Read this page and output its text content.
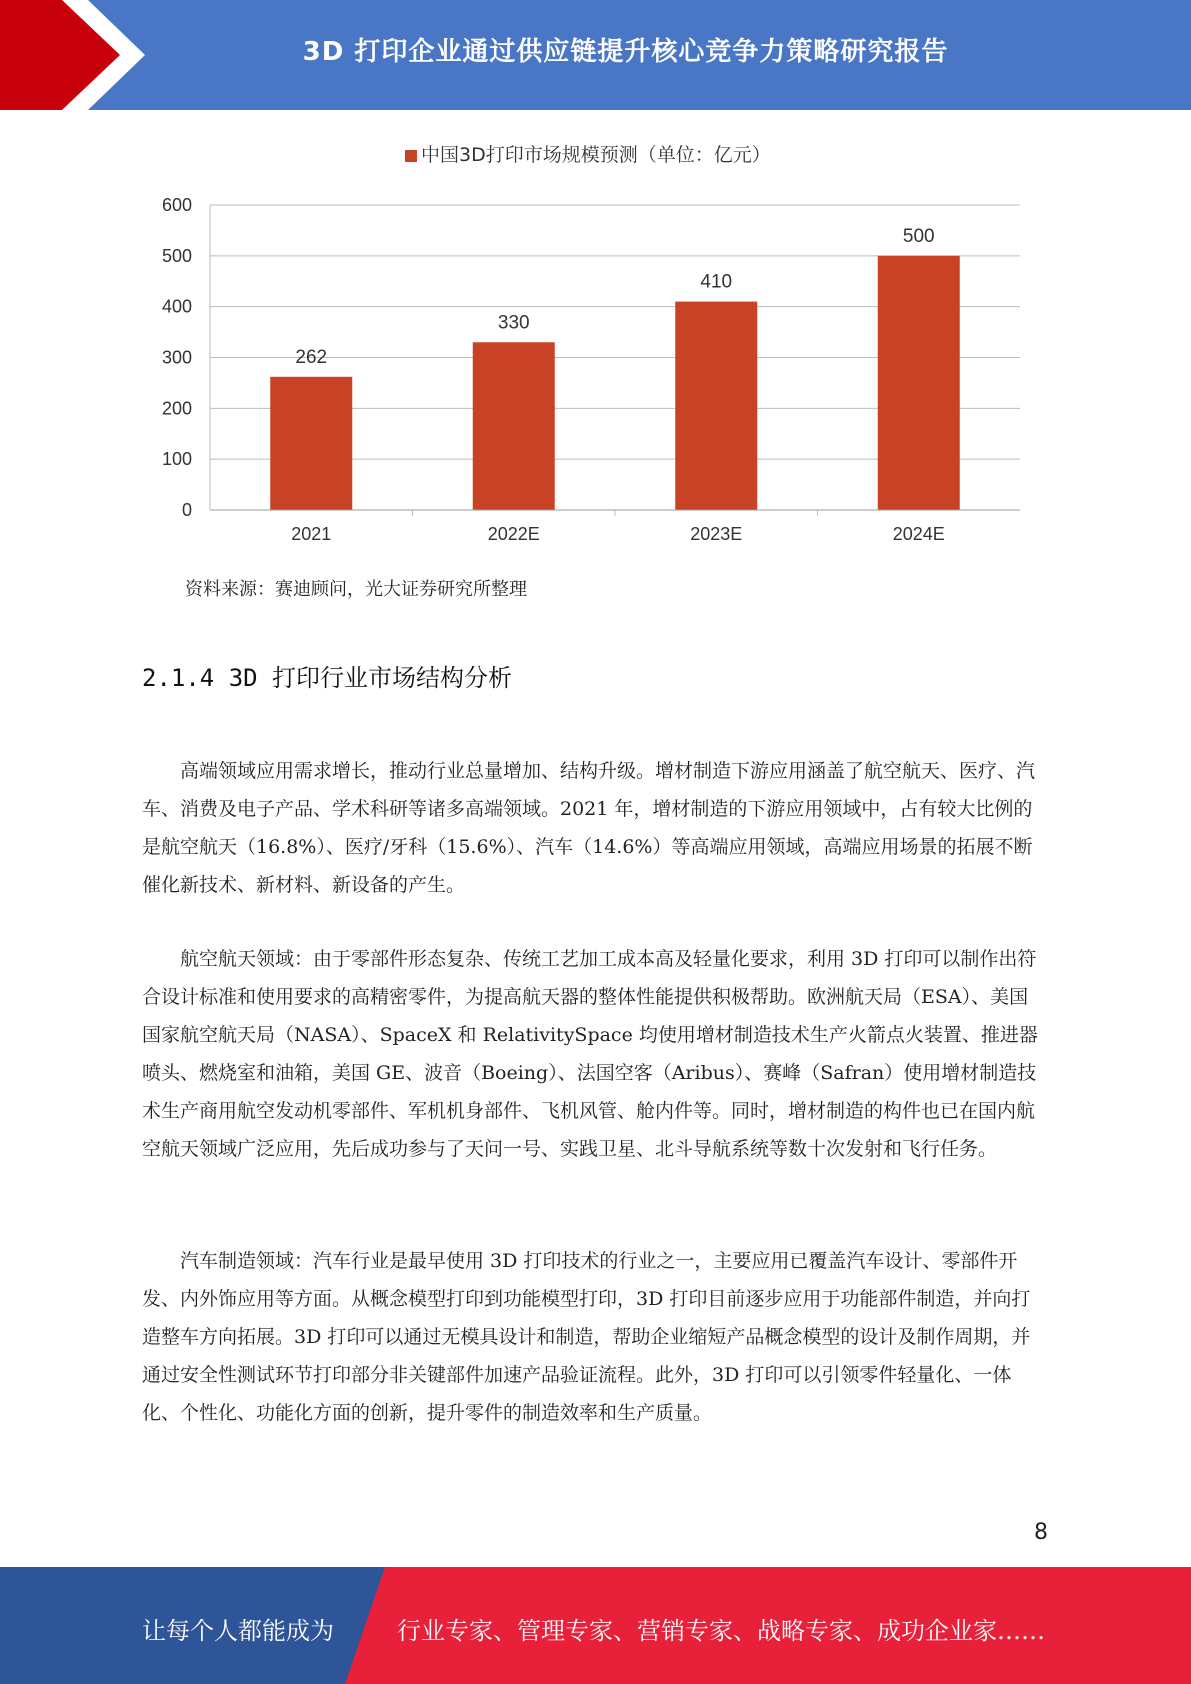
3D 打印企业通过供应链提升核心竞争力策略研究报告
中国3D打印市场规模预测（单位：亿元）
0
100
200
300
400
500
600
262
2021
330
2022E
410
2023E
500
2024E
资料来源：赛迪顾问，光大证券研究所整理
2.1.4 3D 打印行业市场结构分析

高端领域应用需求增长，推动行业总量增加、结构升级。增材制造下游应用涵盖了航空航天、医疗、汽车、消费及电子产品、学术科研等诸多高端领域。2021 年，增材制造的下游应用领域中，占有较大比例的是航空航天（16.8%）、医疗/牙科（15.6%）、汽车（14.6%）等高端应用领域，高端应用场景的拓展不断催化新技术、新材料、新设备的产生。

航空航天领域：由于零部件形态复杂、传统工艺加工成本高及轻量化要求，利用 3D 打印可以制作出符合设计标准和使用要求的高精密零件，为提高航天器的整体性能提供积极帮助。欧洲航天局（ESA）、美国国家航空航天局（NASA）、SpaceX 和 RelativitySpace 均使用增材制造技术生产火箭点火装置、推进器喷头、燃烧室和油箱，美国 GE、波音（Boeing）、法国空客（Aribus）、赛峰（Safran）使用增材制造技术生产商用航空发动机零部件、军机机身部件、飞机风管、舱内件等。同时，增材制造的构件也已在国内航空航天领域广泛应用，先后成功参与了天问一号、实践卫星、北斗导航系统等数十次发射和飞行任务。

汽车制造领域：汽车行业是最早使用 3D 打印技术的行业之一，主要应用已覆盖汽车设计、零部件开发、内外饰应用等方面。从概念模型打印到功能模型打印，3D 打印目前逐步应用于功能部件制造，并向打造整车方向拓展。3D 打印可以通过无模具设计和制造，帮助企业缩短产品概念模型的设计及制作周期，并通过安全性测试环节打印部分非关键部件加速产品验证流程。此外，3D 打印可以引领零件轻量化、一体化、个性化、功能化方面的创新，提升零件的制造效率和生产质量。

8
让每个人都能成为	行业专家、管理专家、营销专家、战略专家、成功企业家……
